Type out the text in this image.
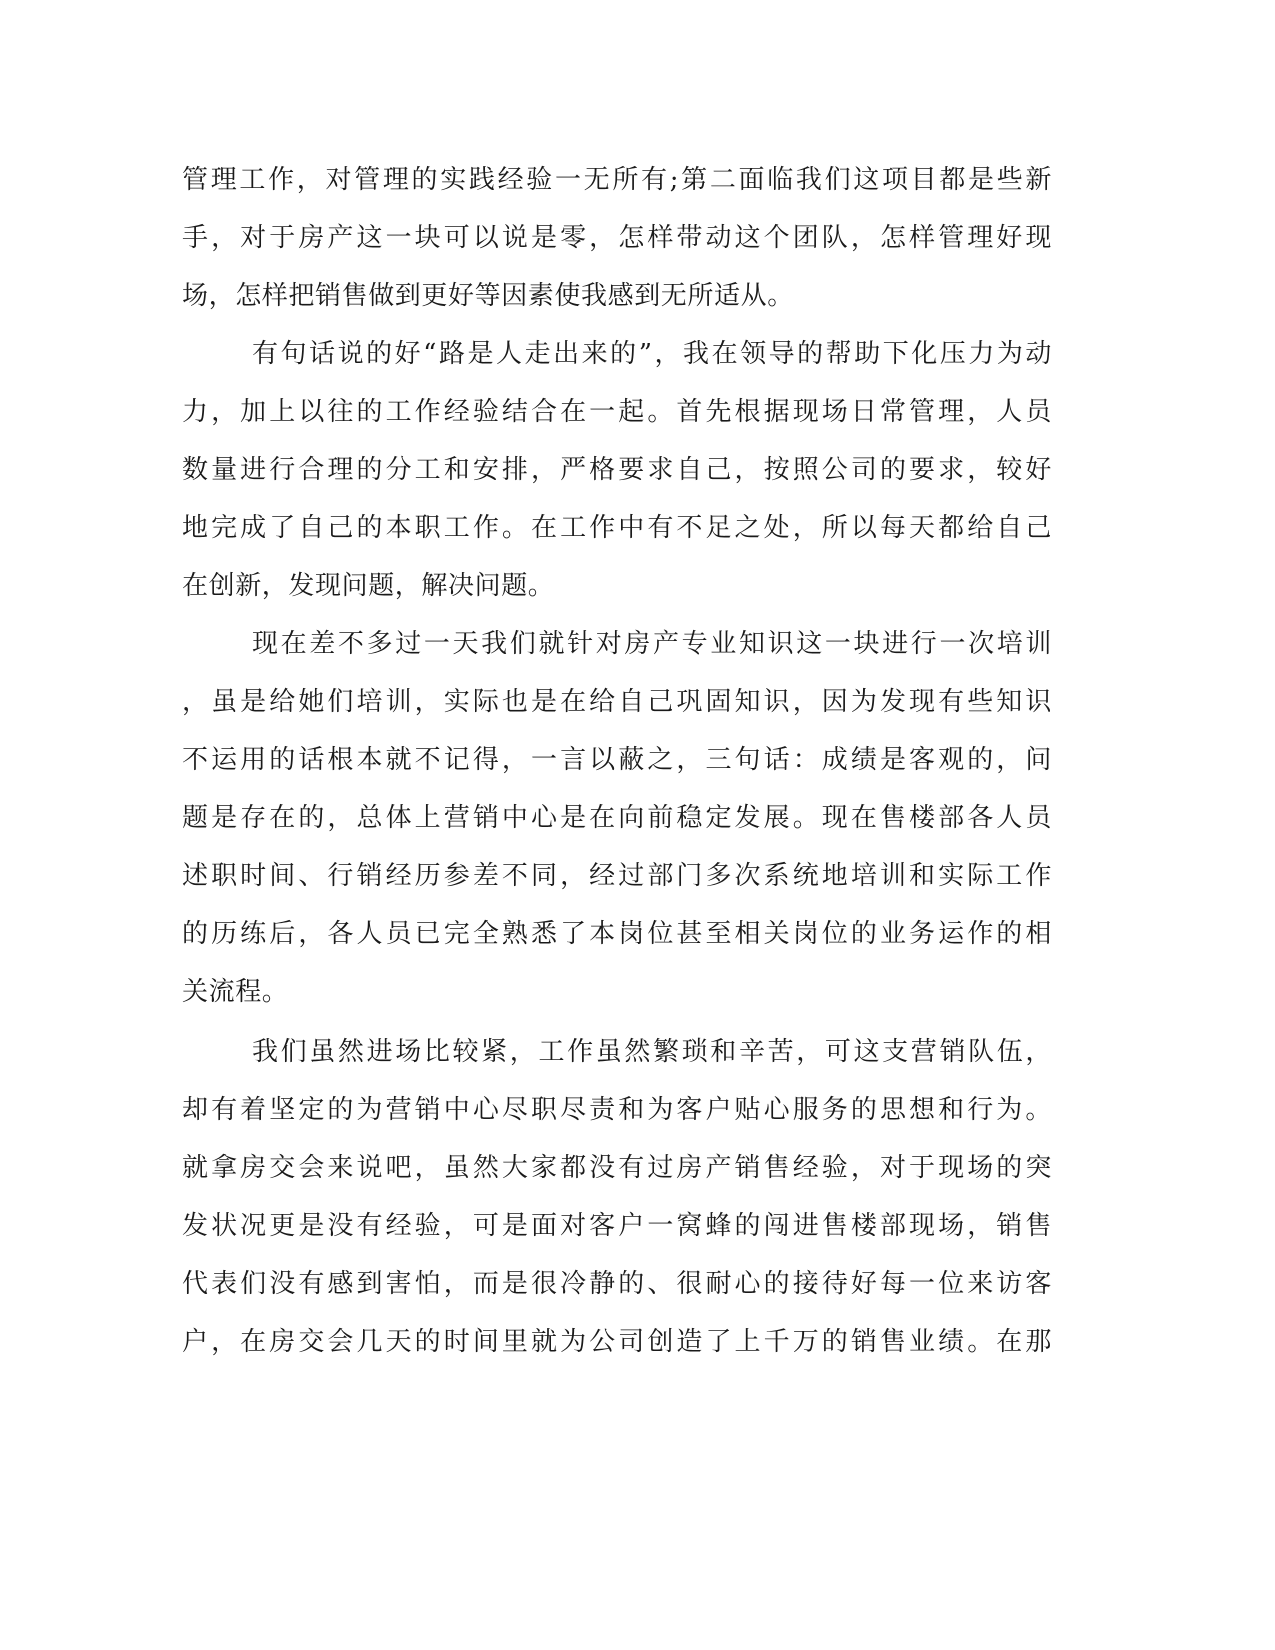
管理工作，对管理的实践经验一无所有;第二面临我们这项目都是些新
手，对于房产这一块可以说是零，怎样带动这个团队，怎样管理好现
场，怎样把销售做到更好等因素使我感到无所适从。
有句话说的好“路是人走出来的”，我在领导的帮助下化压力为动
力，加上以往的工作经验结合在一起。首先根据现场日常管理，人员
数量进行合理的分工和安排，严格要求自己，按照公司的要求，较好
地完成了自己的本职工作。在工作中有不足之处，所以每天都给自己
在创新，发现问题，解决问题。
现在差不多过一天我们就针对房产专业知识这一块进行一次培训
，虽是给她们培训，实际也是在给自己巩固知识，因为发现有些知识
不运用的话根本就不记得，一言以蔽之，三句话：成绩是客观的，问
题是存在的，总体上营销中心是在向前稳定发展。现在售楼部各人员
述职时间、行销经历参差不同，经过部门多次系统地培训和实际工作
的历练后，各人员已完全熟悉了本岗位甚至相关岗位的业务运作的相
关流程。
我们虽然进场比较紧，工作虽然繁琐和辛苦，可这支营销队伍，
却有着坚定的为营销中心尽职尽责和为客户贴心服务的思想和行为。
就拿房交会来说吧，虽然大家都没有过房产销售经验，对于现场的突
发状况更是没有经验，可是面对客户一窝蜂的闯进售楼部现场，销售
代表们没有感到害怕，而是很冷静的、很耐心的接待好每一位来访客
户，在房交会几天的时间里就为公司创造了上千万的销售业绩。在那
